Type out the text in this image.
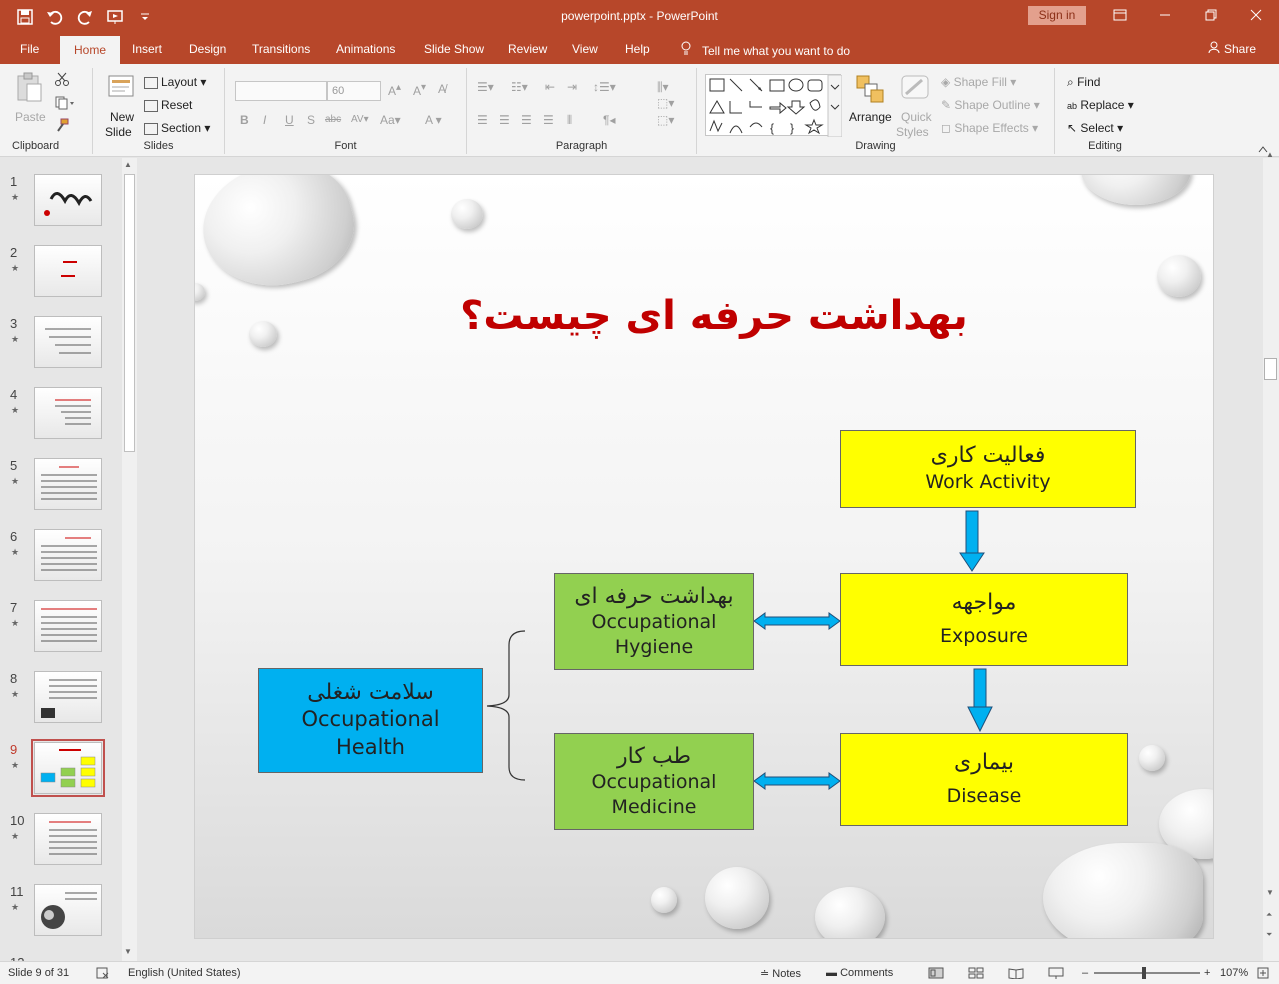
powerpoint.pptx - PowerPoint	Sign in
File	Home	Insert Design Transitions Animations Slide Show Review View Help	Tell me what you want to do	Share
Paste
Clipboard
New
Slide
Layout ▾
Reset
Section ▾
Slides
60	A▴ A▾ A̸
B I U S abc AV▾ Aa▾ A ▾
Font
☰▾ ☷▾ ⇤ ⇥ ↕☰▾	⫼▾
☰ ☰ ☰ ☰ ⫴	¶◂
⬚▾
⬚▾
Paragraph
{ }
Arrange Quick
Styles
◈ Shape Fill ▾
✎ Shape Outline ▾
◻ Shape Effects ▾
Drawing
⌕ Find
ab Replace ▾
↖ Select ▾
Editing
1
★
2
★
3
★
4
★
5
★
6
★
7
★
8
★
9
★
10
★
11
★
▲
▼
بهداشت حرفه ای چیست؟
فعالیت کاری
Work Activity
مواجهه
Exposure
بیماری
Disease
بهداشت حرفه ای
Occupational
Hygiene
طب کار
Occupational
Medicine
سلامت شغلی
Occupational
Health
▲
▼
⏶
⏷
Slide 9 of 31	English (United States)	≐ Notes ▬ Comments	–	+ 107%
